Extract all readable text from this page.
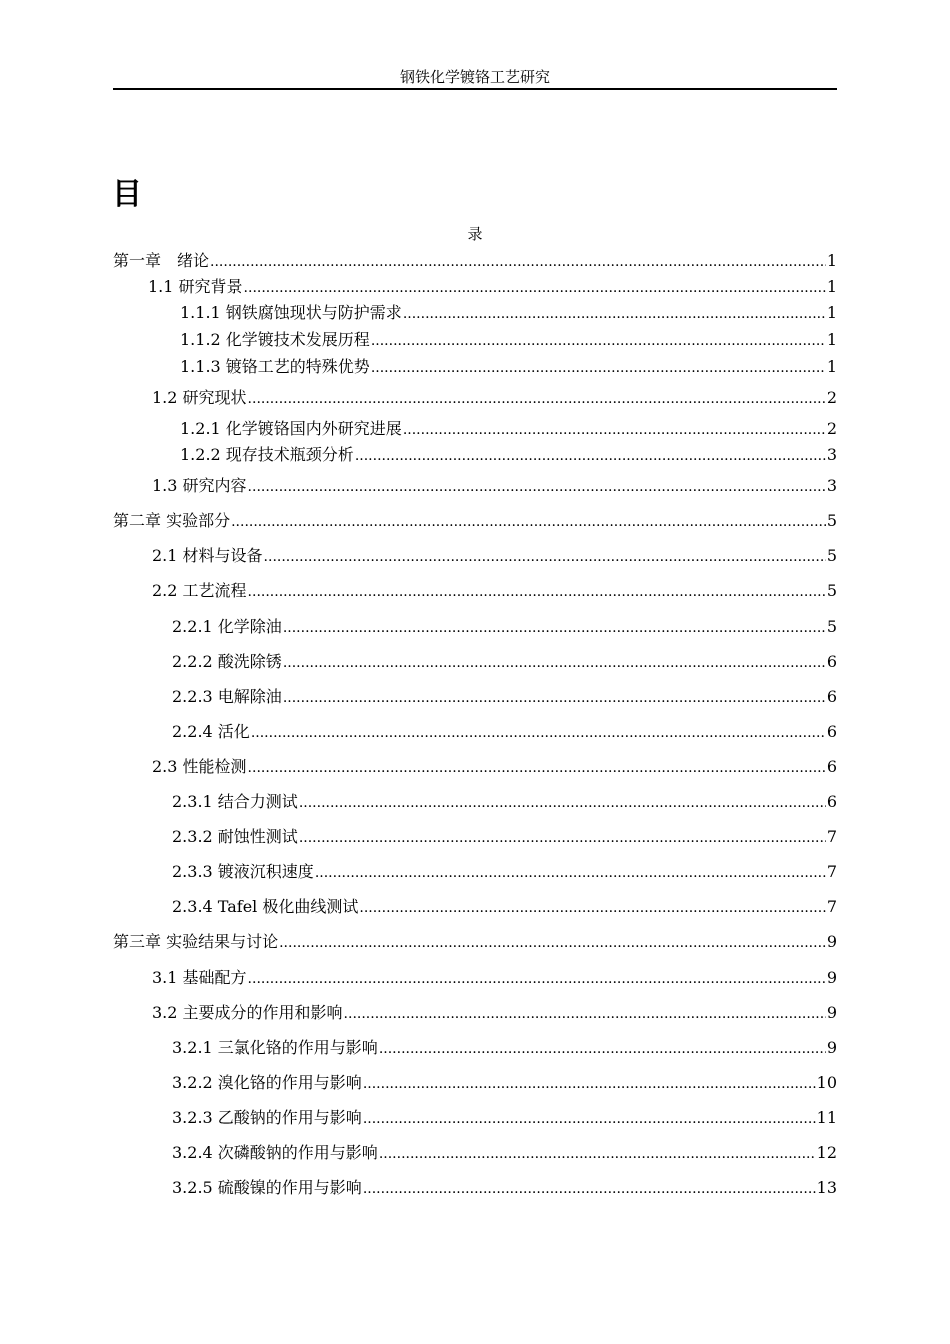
钢铁化学镀铬工艺研究
目
录
第一章　绪论 .....	1
1.1 研究背景 .....	1
1.1.1 钢铁腐蚀现状与防护需求 .....	1
1.1.2 化学镀技术发展历程 .....	1
1.1.3 镀铬工艺的特殊优势 .....	1
1.2 研究现状 .....	2
1.2.1 化学镀铬国内外研究进展 .....	2
1.2.2 现存技术瓶颈分析 .....	3
1.3 研究内容 .....	3
第二章 实验部分 .....	5
2.1 材料与设备 .....	5
2.2 工艺流程 .....	5
2.2.1 化学除油 .....	5
2.2.2 酸洗除锈 .....	6
2.2.3 电解除油 .....	6
2.2.4 活化 .....	6
2.3 性能检测 .....	6
2.3.1 结合力测试 .....	6
2.3.2 耐蚀性测试 .....	7
2.3.3 镀液沉积速度 .....	7
2.3.4 Tafel 极化曲线测试 .....	7
第三章 实验结果与讨论 .....	9
3.1 基础配方 .....	9
3.2 主要成分的作用和影响 .....	9
3.2.1 三氯化铬的作用与影响 .....	9
3.2.2 溴化铬的作用与影响 .....	10
3.2.3 乙酸钠的作用与影响 .....	11
3.2.4 次磷酸钠的作用与影响 .....	12
3.2.5 硫酸镍的作用与影响 .....	13
